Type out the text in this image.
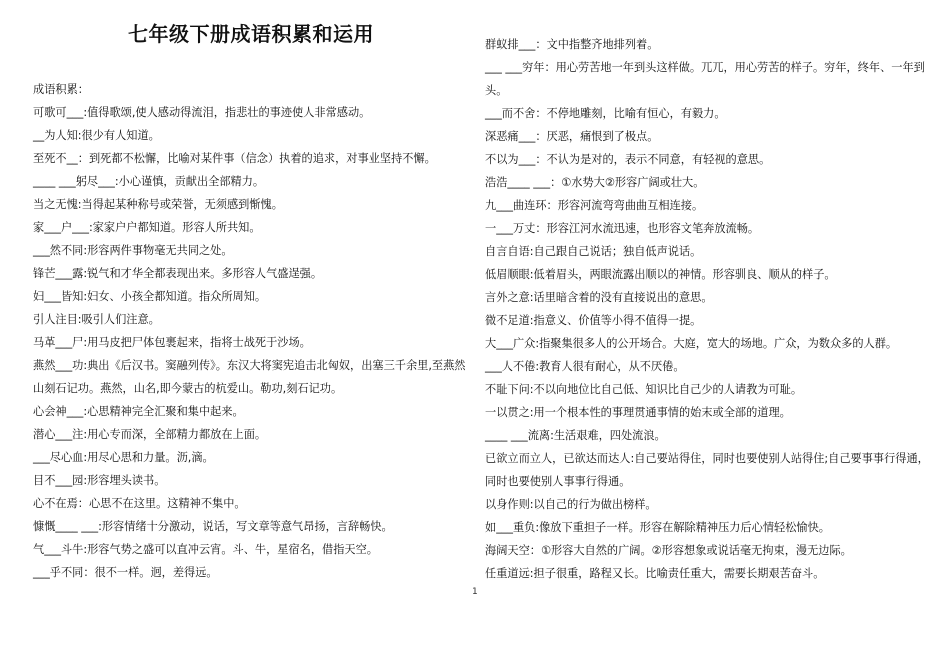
七年级下册成语积累和运用
成语积累：
可歌可___:值得歌颂,使人感动得流泪，指悲壮的事迹使人非常感动。
__为人知:很少有人知道。
至死不__：到死都不松懈，比喻对某件事（信念）执着的追求，对事业坚持不懈。
____ ___躬尽___:小心谨慎，贡献出全部精力。
当之无愧:当得起某种称号或荣誉，无须感到惭愧。
家___户___:家家户户都知道。形容人所共知。
___然不同:形容两件事物毫无共同之处。
锋芒___露:锐气和才华全都表现出来。多形容人气盛逞强。
妇___皆知:妇女、小孩全都知道。指众所周知。
引人注目:吸引人们注意。
马革___尸:用马皮把尸体包裹起来，指将士战死于沙场。
燕然___功:典出《后汉书。窦融列传》。东汉大将窦宪追击北匈奴，出塞三千余里,至燕然
山刻石记功。燕然，山名,即今蒙古的杭爱山。勒功,刻石记功。
心会神___:心思精神完全汇聚和集中起来。
潜心___注:用心专而深，全部精力都放在上面。
___尽心血:用尽心思和力量。沥,滴。
目不___园:形容埋头读书。
心不在焉：心思不在这里。这精神不集中。
慷慨____ ___:形容情绪十分激动，说话，写文章等意气昂扬，言辞畅快。
气___斗牛:形容气势之盛可以直冲云宵。斗、牛，星宿名，借指天空。
___乎不同：很不一样。迥，差得远。
群蚁排___：文中指整齐地排列着。
___ ___穷年：用心劳苦地一年到头这样做。兀兀，用心劳苦的样子。穷年，终年、一年到
头。
___而不舍：不停地雕刻，比喻有恒心，有毅力。
深恶痛___：厌恶，痛恨到了极点。
不以为___：不认为是对的，表示不同意，有轻视的意思。
浩浩____ ___：①水势大②形容广阔或壮大。
九___曲连环：形容河流弯弯曲曲互相连接。
一___万丈：形容江河水流迅速，也形容文笔奔放流畅。
自言自语:自己跟自己说话；独自低声说话。
低眉顺眼:低着眉头，两眼流露出顺以的神情。形容驯良、顺从的样子。
言外之意:话里暗含着的没有直接说出的意思。
微不足道:指意义、价值等小得不值得一提。
大___广众:指聚集很多人的公开场合。大庭，宽大的场地。广众，为数众多的人群。
___人不倦:教育人很有耐心，从不厌倦。
不耻下问:不以向地位比自己低、知识比自己少的人请教为可耻。
一以贯之:用一个根本性的事理贯通事情的始末或全部的道理。
____ ___流离:生活艰难，四处流浪。
已欲立而立人，已欲达而达人:自己要站得住，同时也要使别人站得住;自己要事事行得通，
同时也要使别人事事行得通。
以身作则:以自己的行为做出榜样。
如___重负:像放下重担子一样。形容在解除精神压力后心情轻松愉快。
海阔天空：①形容大自然的广阔。②形容想象或说话毫无拘束，漫无边际。
任重道远:担子很重，路程又长。比喻责任重大，需要长期艰苦奋斗。
1
